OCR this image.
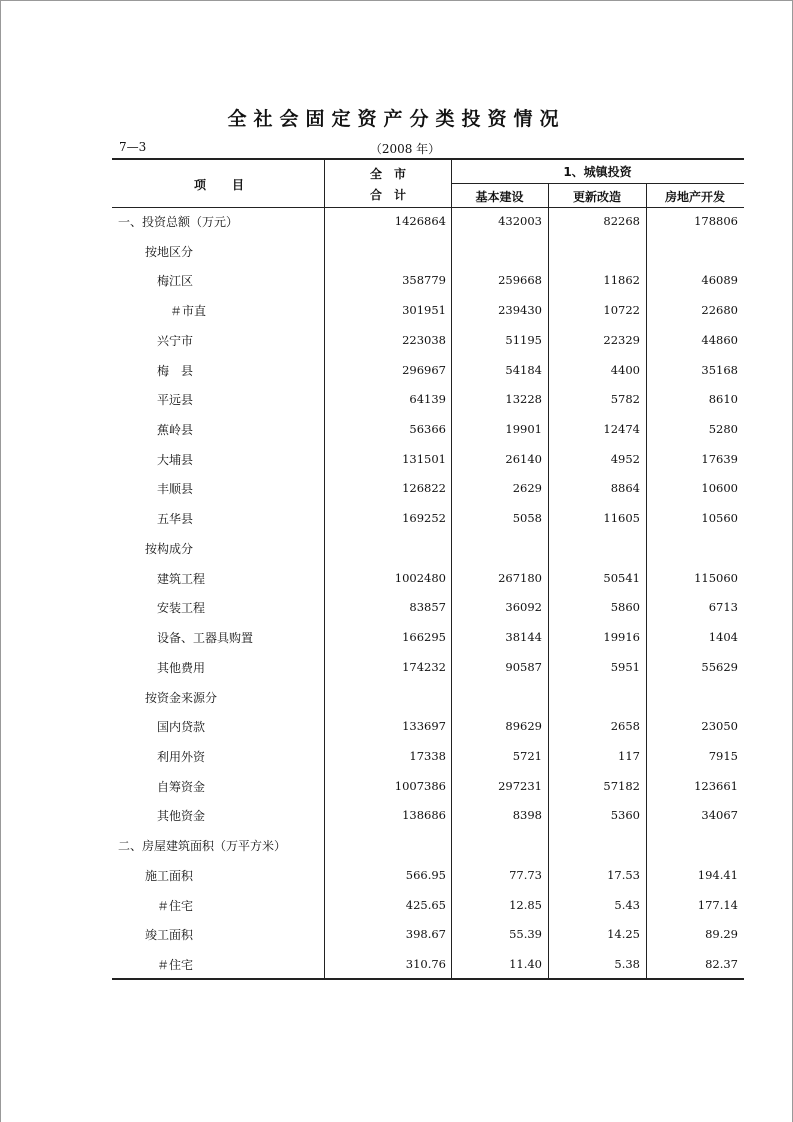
全社会固定资产分类投资情况
7—3	（2008 年）
项	目
全　市
合　计
1、城镇投资
基本建设	更新改造	房地产开发
一、投资总额（万元）	1426864	432003	82268	178806
按地区分
梅江区	358779	259668	11862	46089
＃市直	301951	239430	10722	22680
兴宁市	223038	51195	22329	44860
梅　县	296967	54184	4400	35168
平远县	64139	13228	5782	8610
蕉岭县	56366	19901	12474	5280
大埔县	131501	26140	4952	17639
丰顺县	126822	2629	8864	10600
五华县	169252	5058	11605	10560
按构成分
建筑工程	1002480	267180	50541	115060
安装工程	83857	36092	5860	6713
设备、工器具购置	166295	38144	19916	1404
其他费用	174232	90587	5951	55629
按资金来源分
国内贷款	133697	89629	2658	23050
利用外资	17338	5721	117	7915
自筹资金	1007386	297231	57182	123661
其他资金	138686	8398	5360	34067
二、房屋建筑面积（万平方米）
施工面积	566.95	77.73	17.53	194.41
＃住宅	425.65	12.85	5.43	177.14
竣工面积	398.67	55.39	14.25	89.29
＃住宅	310.76	11.40	5.38	82.37
